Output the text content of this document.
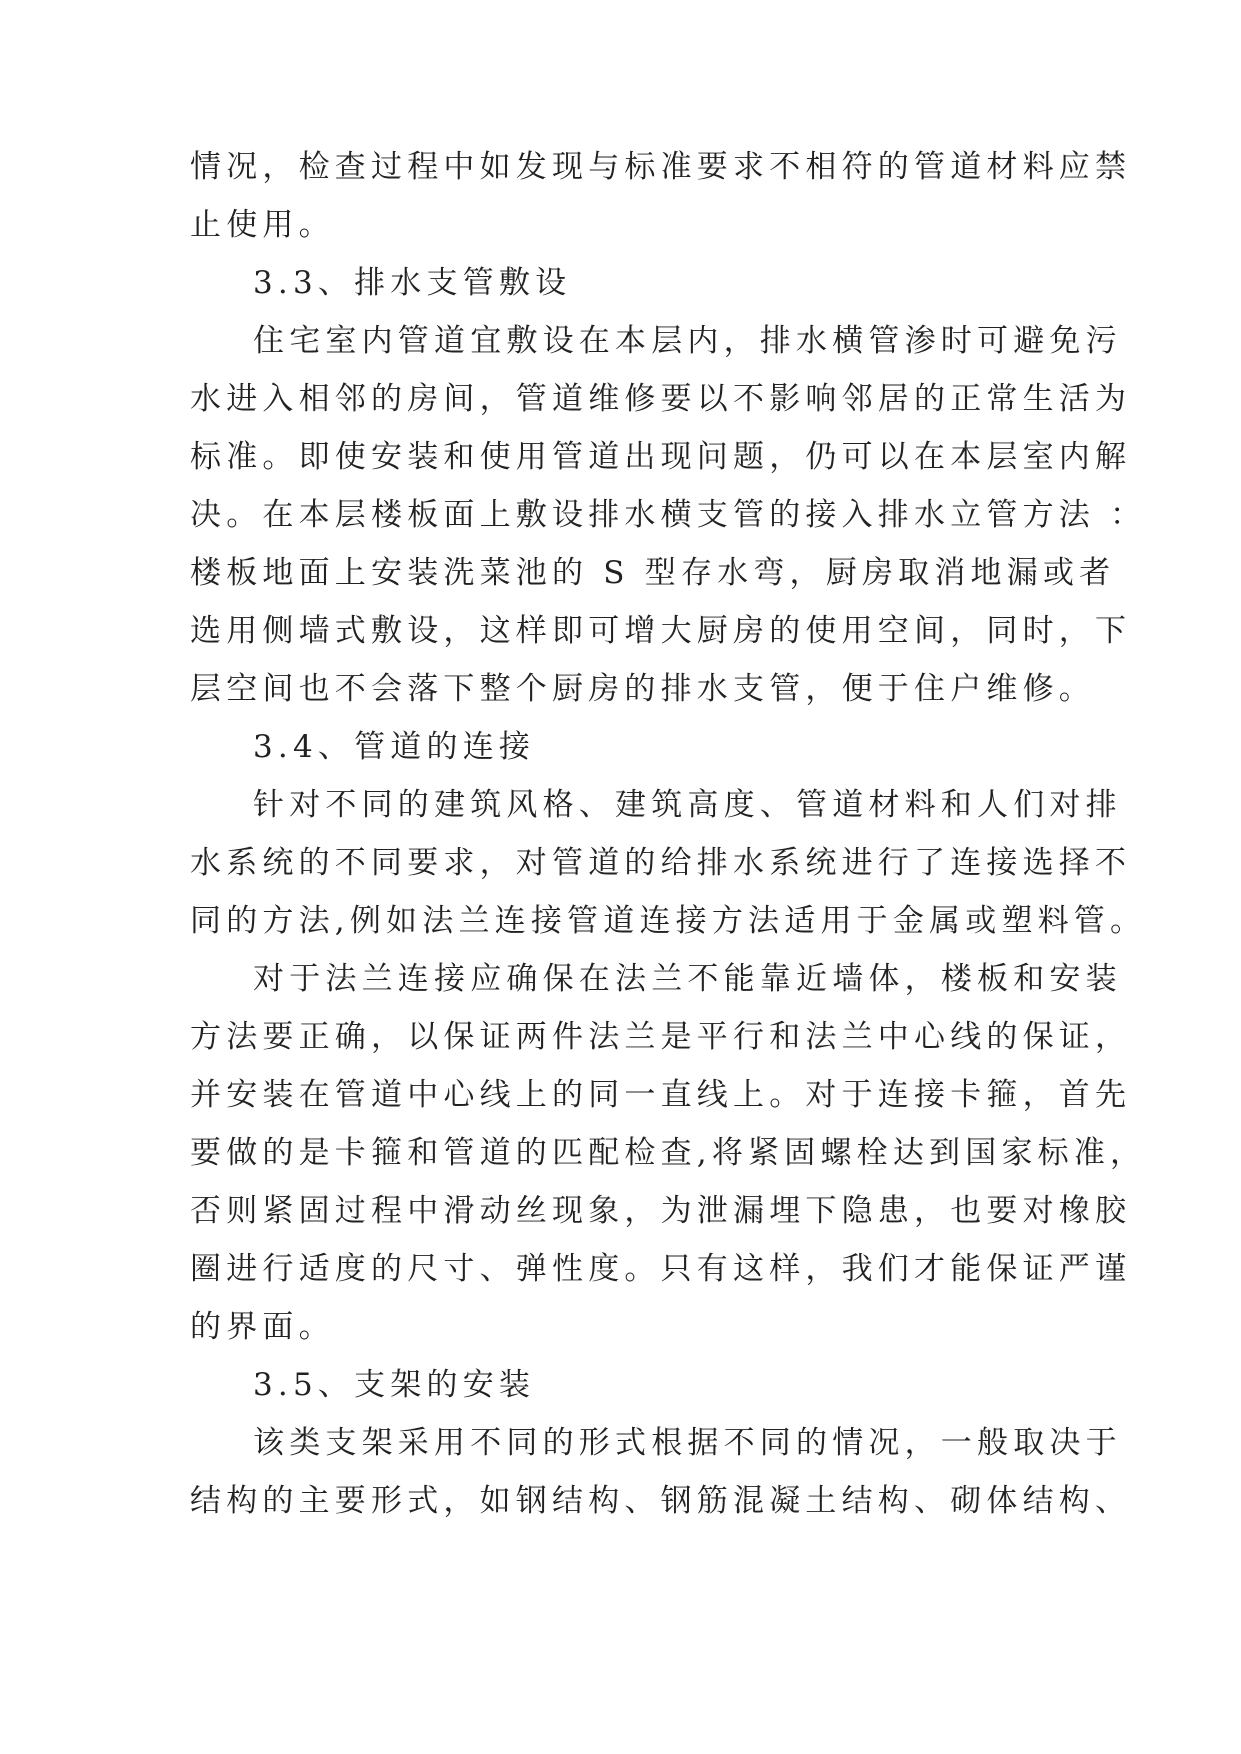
情况，检查过程中如发现与标准要求不相符的管道材料应禁
止使用。
3.3、排水支管敷设
住宅室内管道宜敷设在本层内，排水横管渗时可避免污
水进入相邻的房间，管道维修要以不影响邻居的正常生活为
标准。即使安装和使用管道出现问题，仍可以在本层室内解
决。在本层楼板面上敷设排水横支管的接入排水立管方法 ：
楼板地面上安装洗菜池的 S 型存水弯，厨房取消地漏或者
选用侧墙式敷设，这样即可增大厨房的使用空间，同时，下
层空间也不会落下整个厨房的排水支管，便于住户维修。
3.4、管道的连接
针对不同的建筑风格、建筑高度、管道材料和人们对排
水系统的不同要求，对管道的给排水系统进行了连接选择不
同的方法,例如法兰连接管道连接方法适用于金属或塑料管。
对于法兰连接应确保在法兰不能靠近墙体，楼板和安装
方法要正确，以保证两件法兰是平行和法兰中心线的保证，
并安装在管道中心线上的同一直线上。对于连接卡箍，首先
要做的是卡箍和管道的匹配检查,将紧固螺栓达到国家标准，
否则紧固过程中滑动丝现象，为泄漏埋下隐患，也要对橡胶
圈进行适度的尺寸、弹性度。只有这样，我们才能保证严谨
的界面。
3.5、支架的安装
该类支架采用不同的形式根据不同的情况，一般取决于
结构的主要形式，如钢结构、钢筋混凝土结构、砌体结构、
